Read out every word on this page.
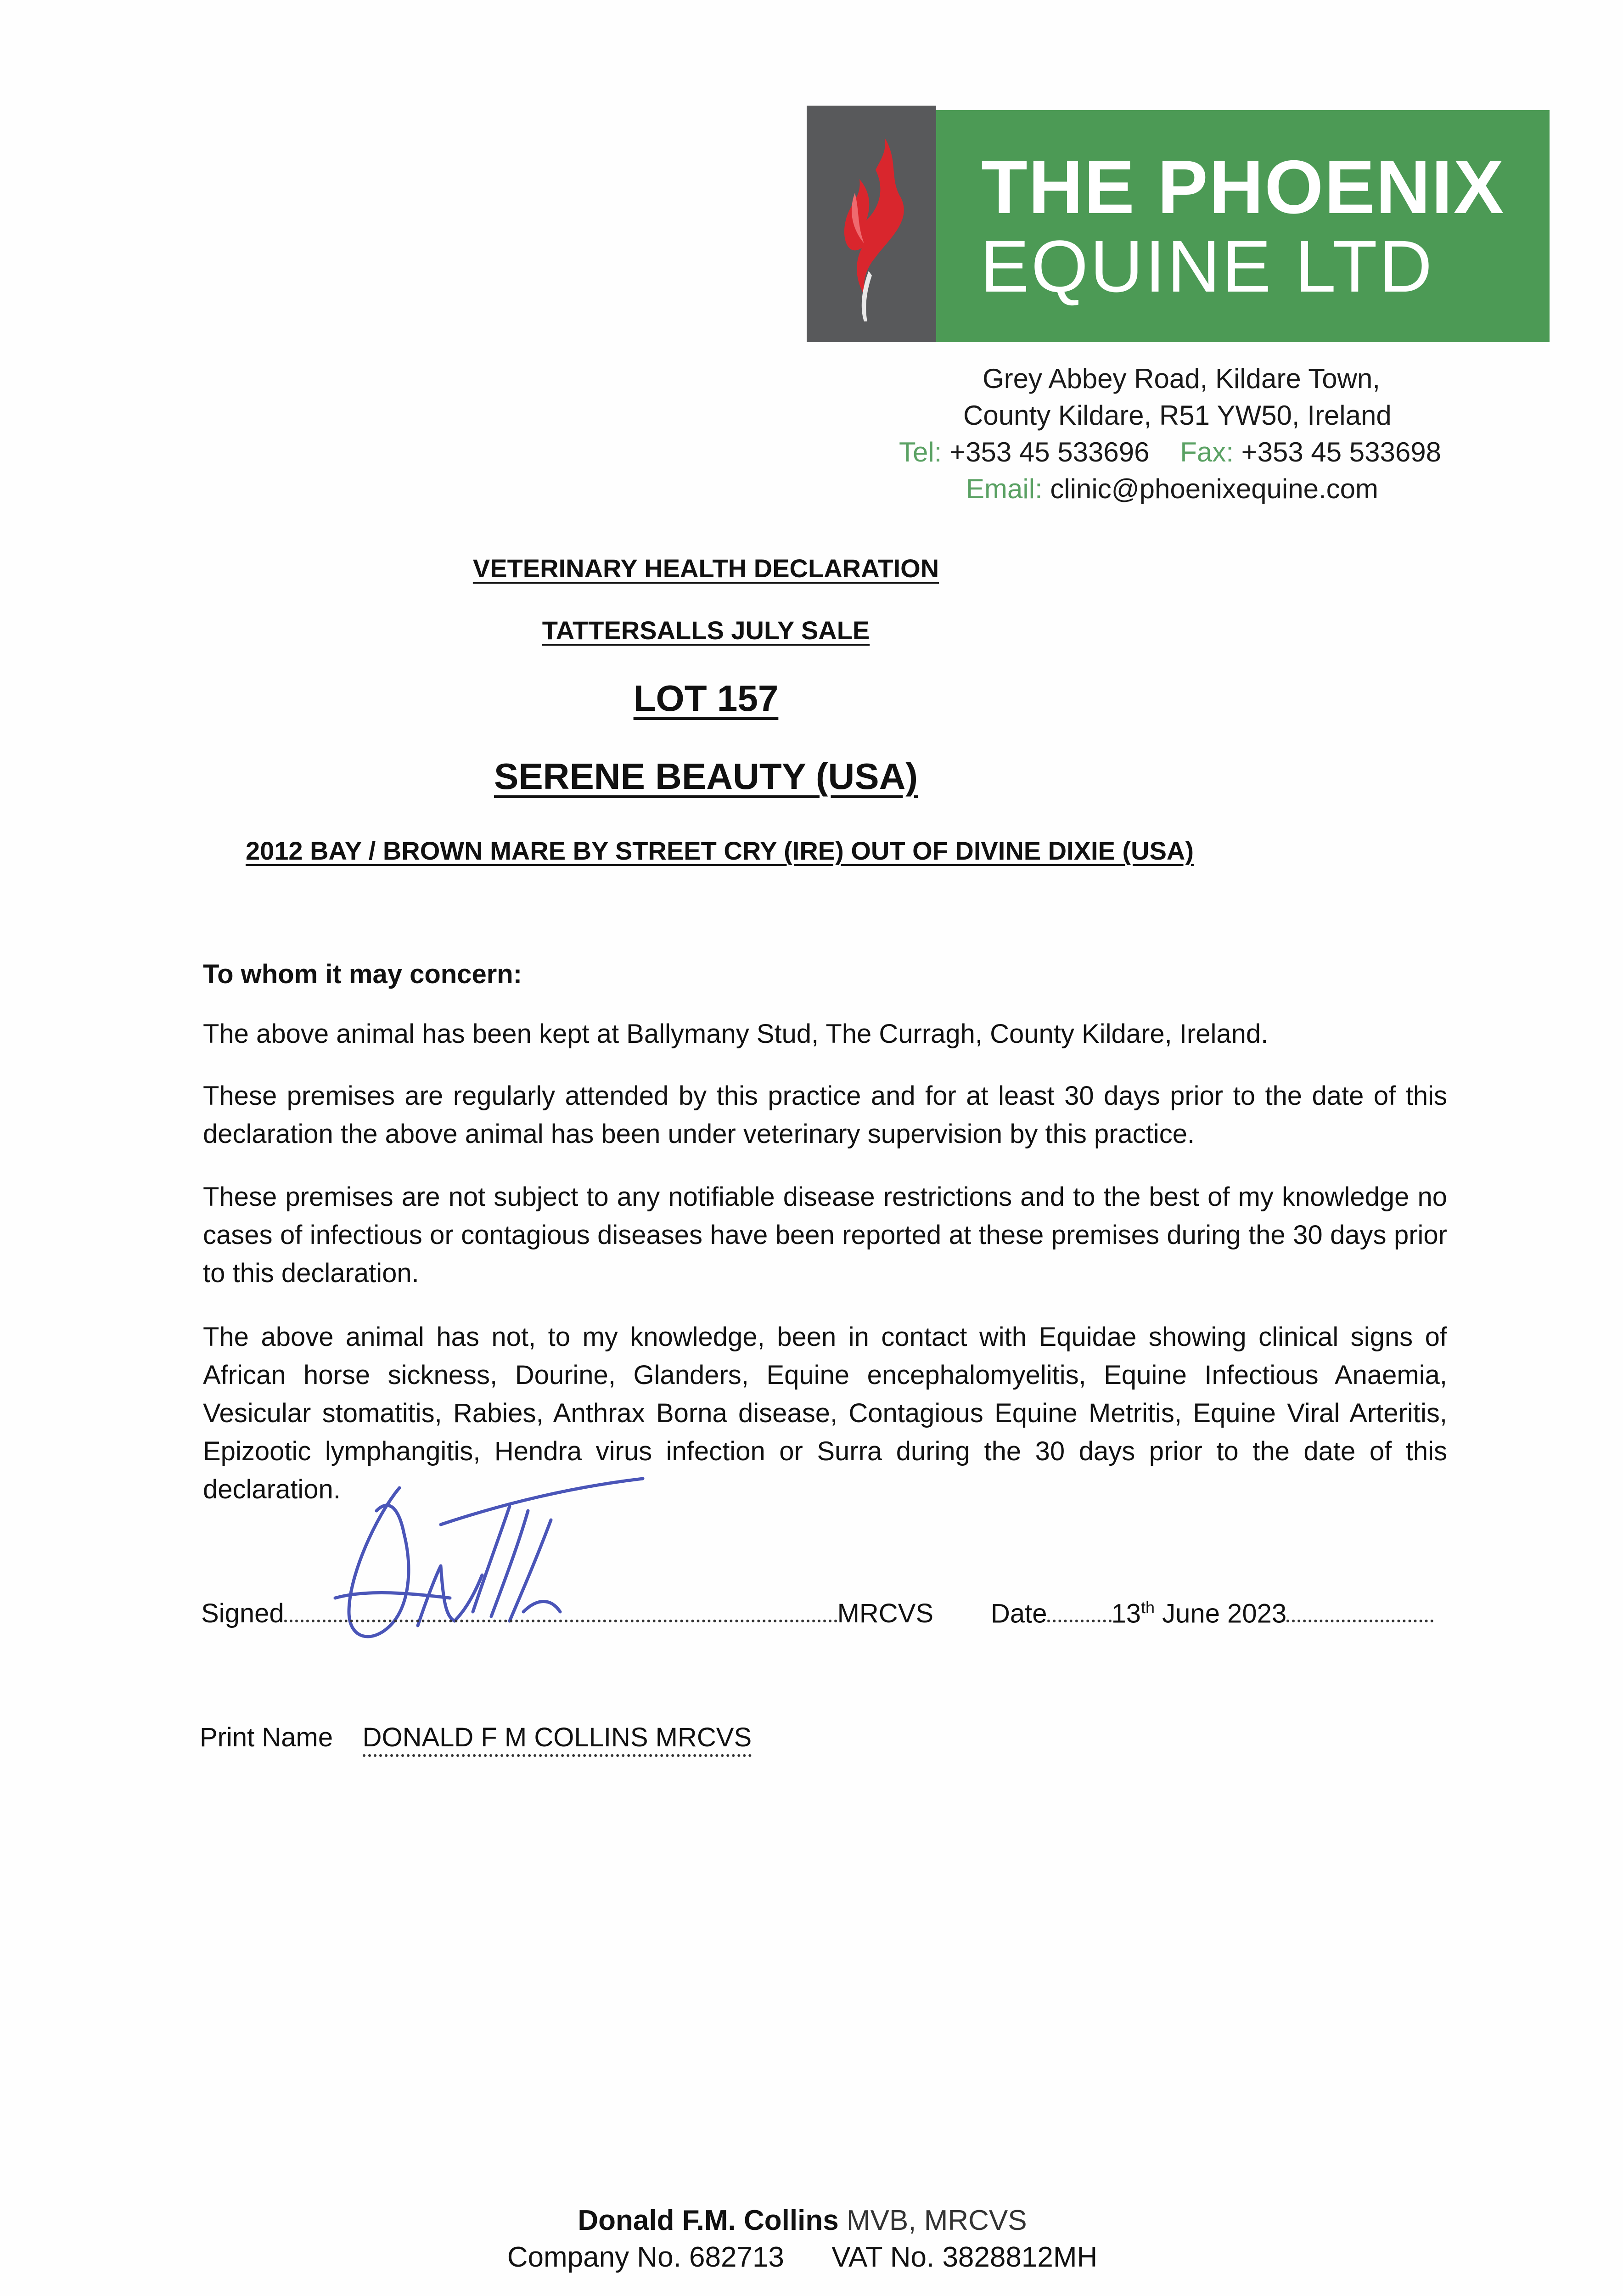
THE PHOENIX
EQUINE LTD
Grey Abbey Road, Kildare Town,
County Kildare, R51 YW50, Ireland
Tel: +353 45 533696 Fax: +353 45 533698
Email: clinic@phoenixequine.com
VETERINARY HEALTH DECLARATION
TATTERSALLS JULY SALE
LOT 157
SERENE BEAUTY (USA)
2012 BAY / BROWN MARE BY STREET CRY (IRE) OUT OF DIVINE DIXIE (USA)
To whom it may concern:

The above animal has been kept at Ballymany Stud, The Curragh, County Kildare, Ireland.

These premises are regularly attended by this practice and for at least 30 days prior to the date of this declaration the above animal has been under veterinary supervision by this practice.

These premises are not subject to any notifiable disease restrictions and to the best of my knowledge no cases of infectious or contagious diseases have been reported at these premises during the 30 days prior to this declaration.

The above animal has not, to my knowledge, been in contact with Equidae showing clinical signs of African horse sickness, Dourine, Glanders, Equine encephalomyelitis, Equine Infectious Anaemia, Vesicular stomatitis, Rabies, Anthrax Borna disease, Contagious Equine Metritis, Equine Viral Arteritis, Epizootic lymphangitis, Hendra virus infection or Surra during the 30 days prior to the date of this declaration.

Signed	MRCVS Date 13th June 2023
Print Name DONALD F M COLLINS MRCVS
Donald F.M. Collins MVB, MRCVS
Company No. 682713 VAT No. 3828812MH
